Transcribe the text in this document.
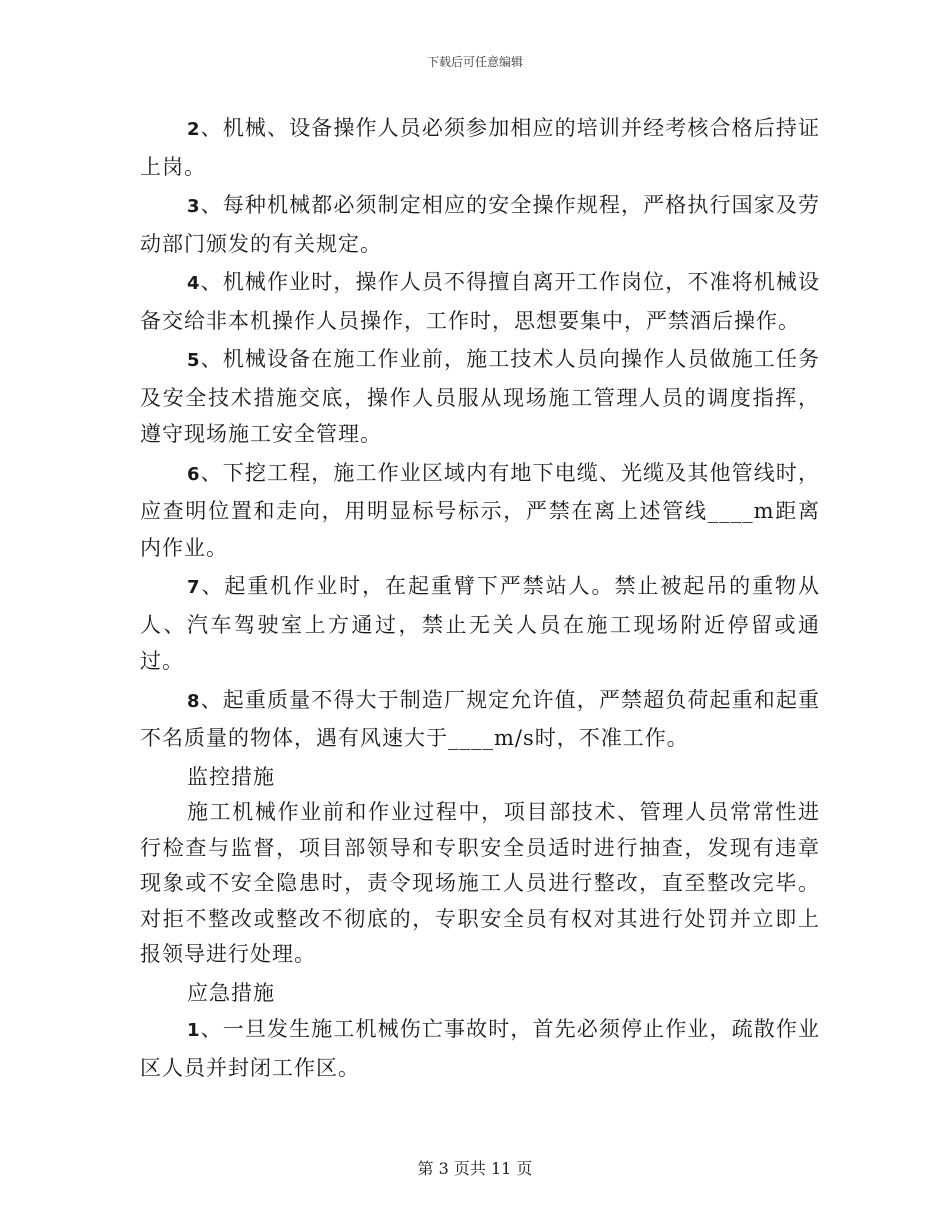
下载后可任意编辑

2、机械、设备操作人员必须参加相应的培训并经考核合格后持证上岗。

3、每种机械都必须制定相应的安全操作规程，严格执行国家及劳动部门颁发的有关规定。

4、机械作业时，操作人员不得擅自离开工作岗位，不准将机械设备交给非本机操作人员操作，工作时，思想要集中，严禁酒后操作。

5、机械设备在施工作业前，施工技术人员向操作人员做施工任务及安全技术措施交底，操作人员服从现场施工管理人员的调度指挥，遵守现场施工安全管理。

6、下挖工程，施工作业区域内有地下电缆、光缆及其他管线时，应查明位置和走向，用明显标号标示，严禁在离上述管线____m距离内作业。

7、起重机作业时，在起重臂下严禁站人。禁止被起吊的重物从人、汽车驾驶室上方通过，禁止无关人员在施工现场附近停留或通过。

8、起重质量不得大于制造厂规定允许值，严禁超负荷起重和起重不名质量的物体，遇有风速大于____m/s时，不准工作。

监控措施

施工机械作业前和作业过程中，项目部技术、管理人员常常性进行检查与监督，项目部领导和专职安全员适时进行抽查，发现有违章现象或不安全隐患时，责令现场施工人员进行整改，直至整改完毕。对拒不整改或整改不彻底的，专职安全员有权对其进行处罚并立即上报领导进行处理。

应急措施

1、一旦发生施工机械伤亡事故时，首先必须停止作业，疏散作业区人员并封闭工作区。

第 3 页共 11 页
